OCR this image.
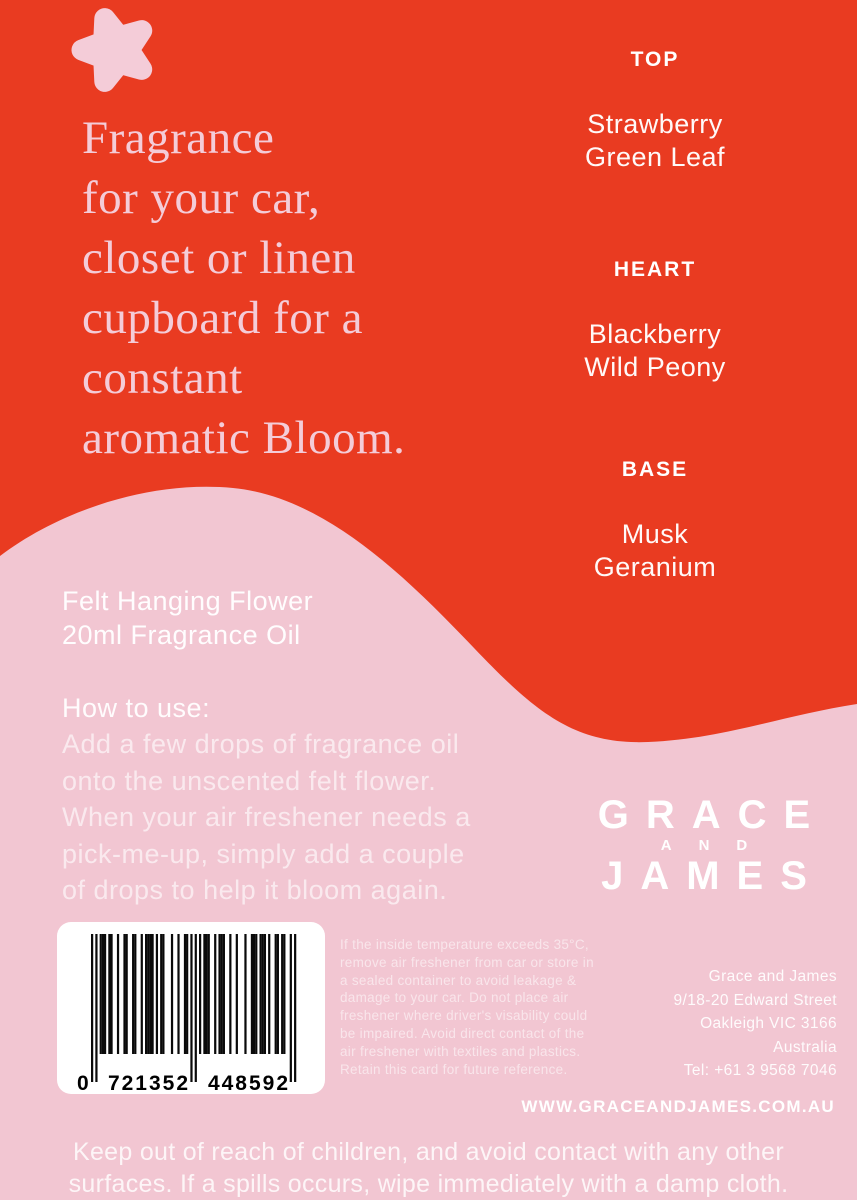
Fragrance
for your car,
closet or linen
cupboard for a
constant
aromatic Bloom.
TOP
Strawberry
Green Leaf
HEART
Blackberry
Wild Peony
BASE
Musk
Geranium
Felt Hanging Flower
20ml Fragrance Oil
How to use:
Add a few drops of fragrance oil
onto the unscented felt flower.
When your air freshener needs a
pick-me-up, simply add a couple
of drops to help it bloom again.
GRACE
AND
JAMES
0 721352 448592
If the inside temperature exceeds 35°C,
remove air freshener from car or store in
a sealed container to avoid leakage &
damage to your car. Do not place air
freshener where driver's visability could
be impaired. Avoid direct contact of the
air freshener with textiles and plastics.
Retain this card for future reference.
Grace and James
9/18-20 Edward Street
Oakleigh VIC 3166
Australia
Tel: +61 3 9568 7046
WWW.GRACEANDJAMES.COM.AU
Keep out of reach of children, and avoid contact with any other
surfaces. If a spills occurs, wipe immediately with a damp cloth.
